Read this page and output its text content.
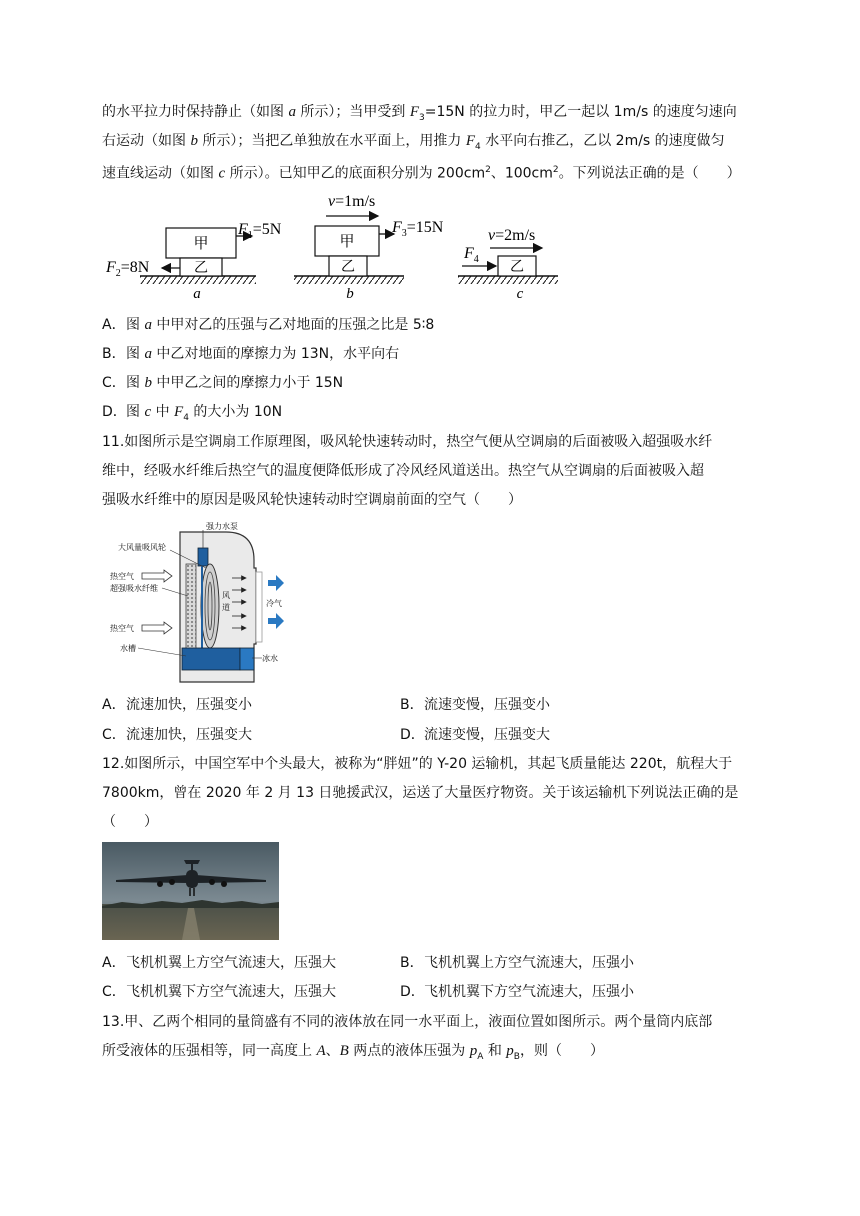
的水平拉力时保持静止（如图 a 所示）；当甲受到 $F_3=15N$ 的拉力时，甲乙一起以 1m/s 的速度匀速向
右运动（如图 b 所示）；当把乙单独放在水平面上，用推力 $F_4$ 水平向右推乙，乙以 2m/s 的速度做匀
速直线运动（如图 c 所示）。已知甲乙的底面积分别为 $200cm^2$、$100cm^2$。下列说法正确的是（　　）
甲
乙
$F_1=5N$
$F_2=8N$
a
甲
乙
v=1m/s
$F_3=15N$
b
乙
v=2m/s
$F_4$
c
A．图 a 中甲对乙的压强与乙对地面的压强之比是 5∶8
B．图 a 中乙对地面的摩擦力为 13N，水平向右
C．图 b 中甲乙之间的摩擦力小于 15N
D．图 c 中 $F_4$ 的大小为 10N
11.如图所示是空调扇工作原理图，吸风轮快速转动时，热空气便从空调扇的后面被吸入超强吸水纤
维中，经吸水纤维后热空气的温度便降低形成了冷风经风道送出。热空气从空调扇的后面被吸入超
强吸水纤维中的原因是吸风轮快速转动时空调扇前面的空气（　　）
强力水泵
大风量吸风轮
热空气
超强吸水纤维
热空气
水槽
风
道	冷气
冰水
A．流速加快，压强变小	B．流速变慢，压强变小
C．流速加快，压强变大	D．流速变慢，压强变大
12.如图所示，中国空军中个头最大，被称为“胖妞”的 Y-20 运输机，其起飞质量能达 220t，航程大于
7800km，曾在 2020 年 2 月 13 日驰援武汉，运送了大量医疗物资。关于该运输机下列说法正确的是
（　　）
A．飞机机翼上方空气流速大，压强大	B．飞机机翼上方空气流速大，压强小
C．飞机机翼下方空气流速大，压强大	D．飞机机翼下方空气流速大，压强小
13.甲、乙两个相同的量筒盛有不同的液体放在同一水平面上，液面位置如图所示。两个量筒内底部
所受液体的压强相等，同一高度上 A、B 两点的液体压强为 $p_A$ 和 $p_B$，则（　　）
